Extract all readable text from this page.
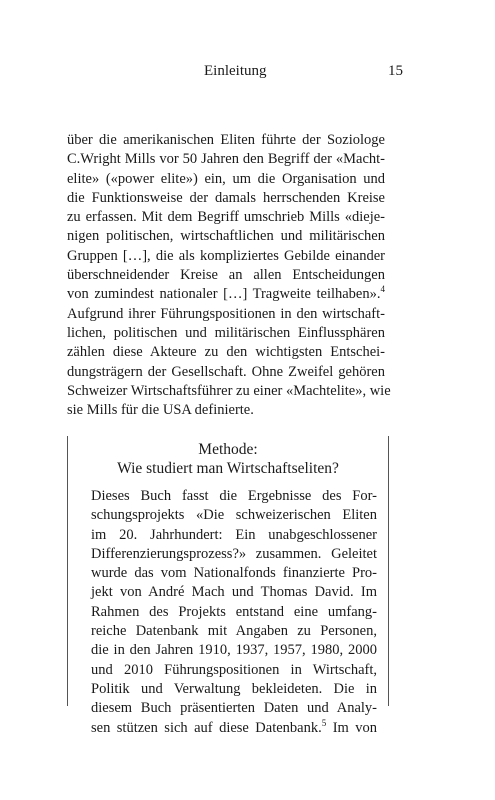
Einleitung	15
über die amerikanischen Eliten führte der Soziologe
C.Wright Mills vor 50 Jahren den Begriff der «Macht-
elite» («power elite») ein, um die Organisation und
die Funktionsweise der damals herrschenden Kreise
zu erfassen. Mit dem Begriff umschrieb Mills «dieje-
nigen politischen, wirtschaftlichen und militärischen
Gruppen […], die als kompliziertes Gebilde einander
überschneidender Kreise an allen Entscheidungen
von zumindest nationaler […] Tragweite teilhaben».$^4$
Aufgrund ihrer Führungspositionen in den wirtschaft-
lichen, politischen und militärischen Einflussphären
zählen diese Akteure zu den wichtigsten Entschei-
dungsträgern der Gesellschaft. Ohne Zweifel gehören
Schweizer Wirtschaftsführer zu einer «Machtelite», wie
sie Mills für die USA definierte.
Methode:
Wie studiert man Wirtschaftseliten?
Dieses Buch fasst die Ergebnisse des For-
schungsprojekts «Die schweizerischen Eliten
im 20. Jahrhundert: Ein unabgeschlossener
Differenzierungsprozess?» zusammen. Geleitet
wurde das vom Nationalfonds finanzierte Pro-
jekt von André Mach und Thomas David. Im
Rahmen des Projekts entstand eine umfang-
reiche Datenbank mit Angaben zu Personen,
die in den Jahren 1910, 1937, 1957, 1980, 2000
und 2010 Führungspositionen in Wirtschaft,
Politik und Verwaltung bekleideten. Die in
diesem Buch präsentierten Daten und Analy-
sen stützen sich auf diese Datenbank.$^5$ Im von
